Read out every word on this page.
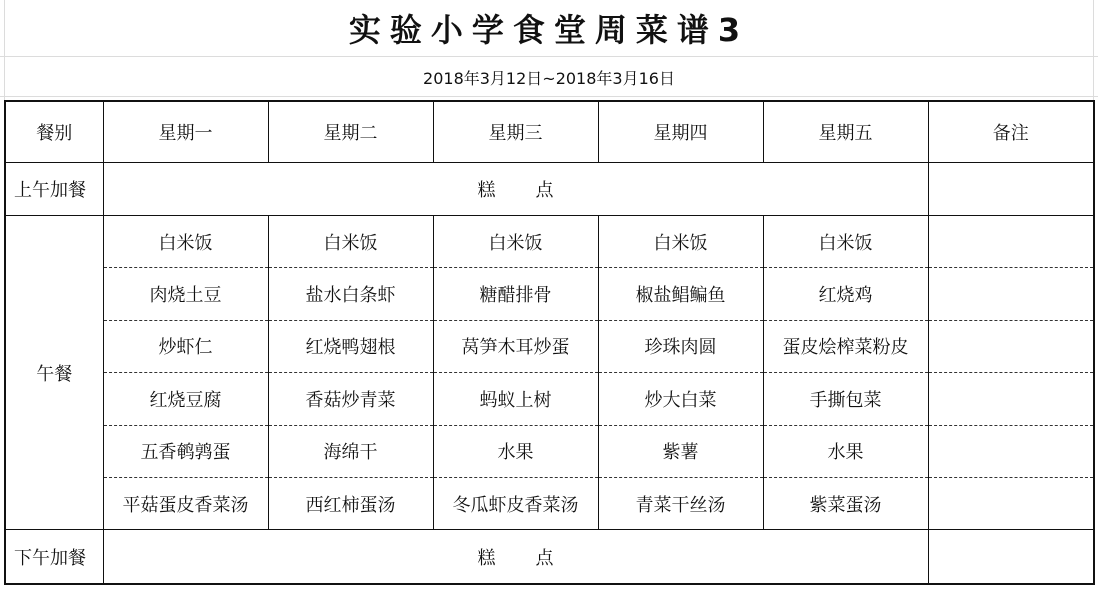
实验小学食堂周菜谱3
2018年3月12日~2018年3月16日
餐别	星期一	星期二	星期三	星期四	星期五	备注
上午加餐	糕点					
午餐	白米饭	白米饭	白米饭	白米饭	白米饭	
	肉烧土豆	盐水白条虾	糖醋排骨	椒盐鲳鳊鱼	红烧鸡	
	炒虾仁	红烧鸭翅根	莴笋木耳炒蛋	珍珠肉圆	蛋皮烩榨菜粉皮	
	红烧豆腐	香菇炒青菜	蚂蚁上树	炒大白菜	手撕包菜	
	五香鹌鹑蛋	海绵干	水果	紫薯	水果	
	平菇蛋皮香菜汤	西红柿蛋汤	冬瓜虾皮香菜汤	青菜干丝汤	紫菜蛋汤	
下午加餐	糕点					
